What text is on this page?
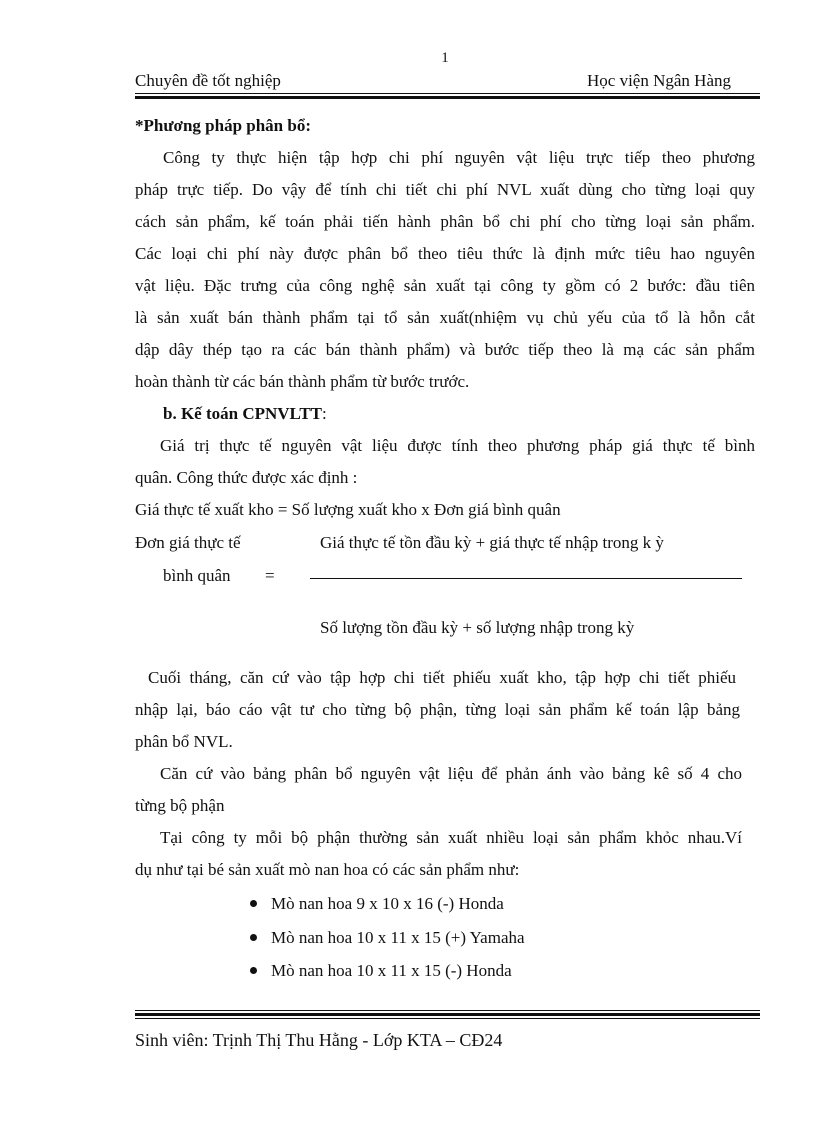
1
Chuyên đề tốt nghiệp	Học viện Ngân Hàng
*Phương pháp phân bổ:
Công ty thực hiện tập hợp chi phí nguyên vật liệu trực tiếp theo phương
pháp trực tiếp. Do vậy để tính chi tiết chi phí NVL xuất dùng cho từng loại quy
cách sản phẩm, kế toán phải tiến hành phân bổ chi phí cho từng loại sản phẩm.
Các loại chi phí này được phân bổ theo tiêu thức là định mức tiêu hao nguyên
vật liệu. Đặc trưng của công nghệ sản xuất tại công ty gồm có 2 bước: đầu tiên
là sản xuất bán thành phẩm tại tổ sản xuất(nhiệm vụ chủ yếu của tổ là hỗn cắt
dập dây thép tạo ra các bán thành phẩm) và bước tiếp theo là mạ các sản phẩm
hoàn thành từ các bán thành phẩm từ bước trước.
b. Kế toán CPNVLTT:
Giá trị thực tế nguyên vật liệu được tính theo phương pháp giá thực tế bình
quân. Công thức được xác định :
Giá thực tế xuất kho = Số lượng xuất kho x Đơn giá bình quân
Đơn giá thực tế	Giá thực tế tồn đầu kỳ + giá thực tế nhập trong k ỳ
bình quân =
Số lượng tồn đầu kỳ + số lượng nhập trong kỳ
Cuối tháng, căn cứ vào tập hợp chi tiết phiếu xuất kho, tập hợp chi tiết phiếu
nhập lại, báo cáo vật tư cho từng bộ phận, từng loại sản phẩm kế toán lập bảng
phân bổ NVL.
Căn cứ vào bảng phân bổ nguyên vật liệu để phản ánh vào bảng kê số 4 cho
từng bộ phận
Tại công ty mỗi bộ phận thường sản xuất nhiều loại sản phẩm khỏc nhau.Ví
dụ như tại bé sản xuất mò nan hoa có các sản phẩm như:
Mò nan hoa 9 x 10 x 16 (-) Honda
Mò nan hoa 10 x 11 x 15 (+) Yamaha
Mò nan hoa 10 x 11 x 15 (-) Honda
Sinh viên: Trịnh Thị Thu Hằng - Lớp KTA – CĐ24
